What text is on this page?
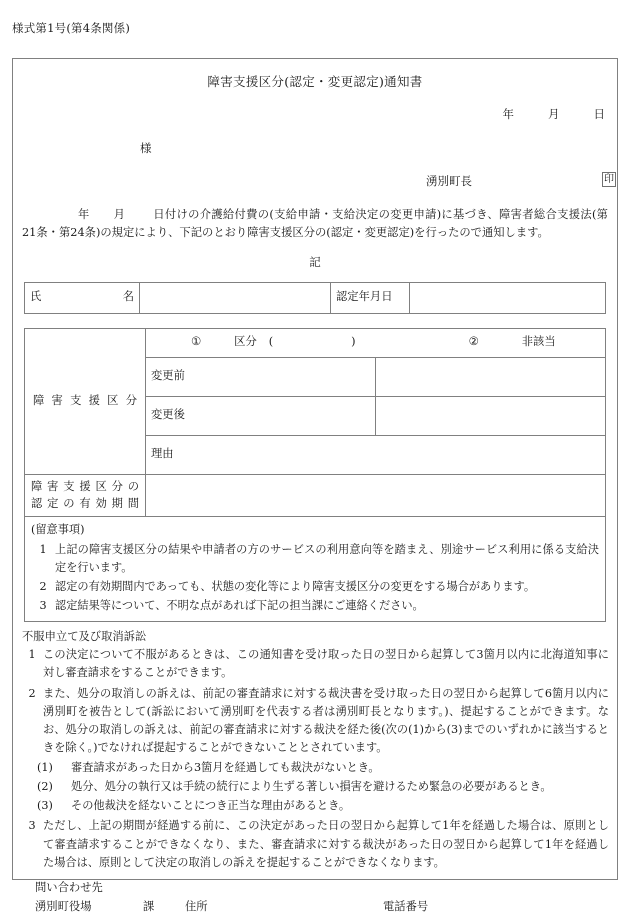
様式第1号(第4条関係)
障害支援区分(認定・変更認定)通知書
年	月	日
様
湧別町長	印
年 月 日付けの介護給付費の(支給申請・支給決定の変更申請)に基づき、障害者総合支援法(第21条・第24条)の規定により、下記のとおり障害支援区分の(認定・変更認定)を行ったので通知します。
記
氏名		認定年月日	
障害支援区分	
①	区分 (	)	②	非該当

	変更前	
	変更後	
	理由	

障害支援区分の
認定の有効期間		

(留意事項)
1 上記の障害支援区分の結果や申請者の方のサービスの利用意向等を踏まえ、別途サービス利用に係る支給決定を行います。
2 認定の有効期間内であっても、状態の変化等により障害支援区分の変更をする場合があります。
3 認定結果等について、不明な点があれば下記の担当課にご連絡ください。
不服申立て及び取消訴訟
1 この決定について不服があるときは、この通知書を受け取った日の翌日から起算して3箇月以内に北海道知事に対し審査請求をすることができます。
2 また、処分の取消しの訴えは、前記の審査請求に対する裁決書を受け取った日の翌日から起算して6箇月以内に湧別町を被告として(訴訟において湧別町を代表する者は湧別町長となります。)、提起することができます。なお、処分の取消しの訴えは、前記の審査請求に対する裁決を経た後(次の(1)から(3)までのいずれかに該当するときを除く。)でなければ提起することができないこととされています。
(1)	審査請求があった日から3箇月を経過しても裁決がないとき。
(2)	処分、処分の執行又は手続の続行により生ずる著しい損害を避けるため緊急の必要があるとき。
(3)	その他裁決を経ないことにつき正当な理由があるとき。
3 ただし、上記の期間が経過する前に、この決定があった日の翌日から起算して1年を経過した場合は、原則として審査請求することができなくなり、また、審査請求に対する裁決があった日の翌日から起算して1年を経過した場合は、原則として決定の取消しの訴えを提起することができなくなります。
問い合わせ先
湧別町役場	課	住所	電話番号
